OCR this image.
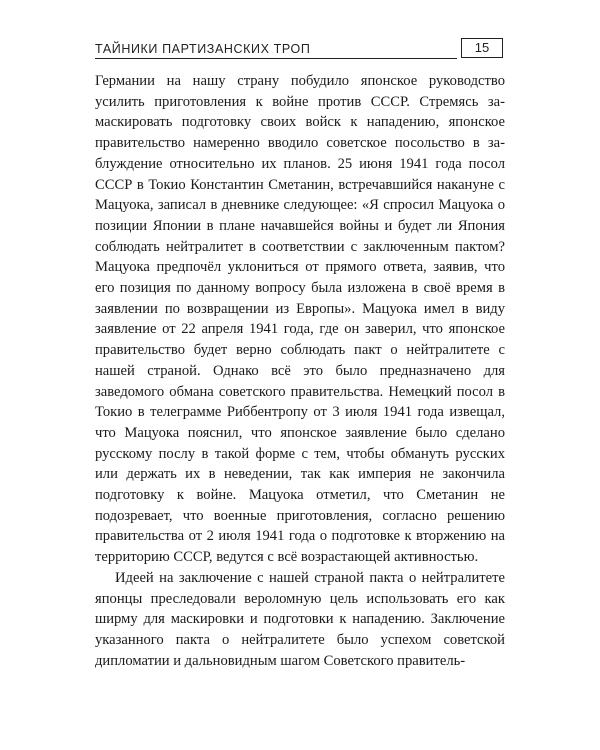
ТАЙНИКИ ПАРТИЗАНСКИХ ТРОП	15

Германии на нашу страну побудило японское руководство усилить приготовления к войне против СССР. Стремясь замаскировать подготовку своих войск к нападению, японское правительство намеренно вводило советское посольство в заблуждение относительно их планов. 25 июня 1941 года посол СССР в Токио Константин Сметанин, встречавшийся накануне с Мацуока, записал в дневнике следующее: «Я спросил Мацуока о позиции Японии в плане начавшейся войны и будет ли Япония соблюдать нейтралитет в соответствии с заключенным пактом? Мацуока предпочёл уклониться от прямого ответа, заявив, что его позиция по данному вопросу была изложена в своё время в заявлении по возвращении из Европы». Мацуока имел в виду заявление от 22 апреля 1941 года, где он заверил, что японское правительство будет верно соблюдать пакт о нейтралитете с нашей страной. Однако всё это было предназначено для заведомого обмана советского правительства. Немецкий посол в Токио в телеграмме Риббентропу от 3 июля 1941 года извещал, что Мацуока пояснил, что японское заявление было сделано русскому послу в такой форме с тем, чтобы обмануть русских или держать их в неведении, так как империя не закончила подготовку к войне. Мацуока отметил, что Сметанин не подозревает, что военные приготовления, согласно решению правительства от 2 июля 1941 года о подготовке к вторжению на территорию СССР, ведутся с всё возрастающей активностью.

Идеей на заключение с нашей страной пакта о нейтралитете японцы преследовали вероломную цель использовать его как ширму для маскировки и подготовки к нападению. Заключение указанного пакта о нейтралитете было успехом советской дипломатии и дальновидным шагом Советского правитель-
